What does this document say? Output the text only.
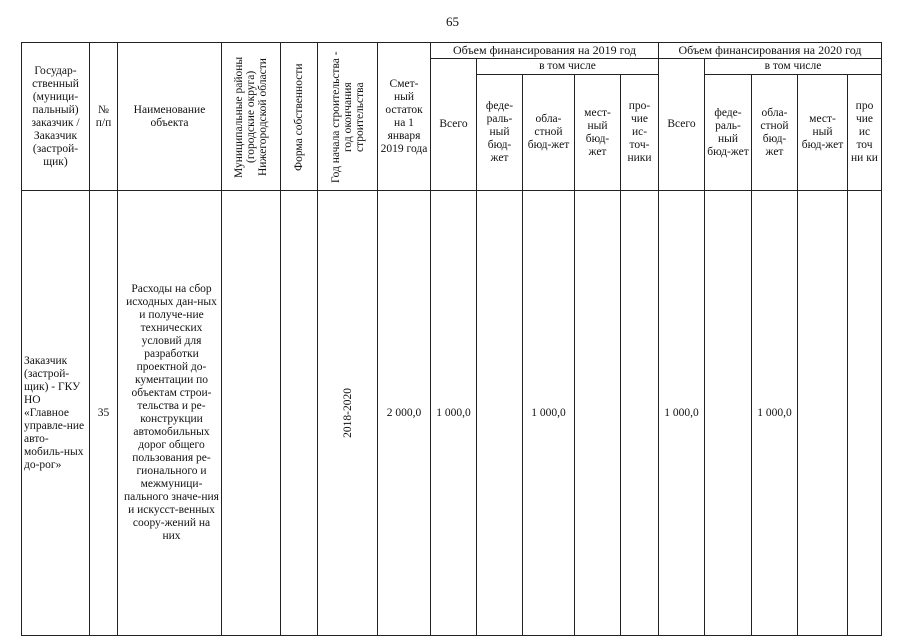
65
Государ-ственный (муници-пальный) заказчик / Заказчик (застрой-щик)	№ п/п	Наименование объекта	Муниципальные районы (городские округа) Нижегородской области	Форма собственности	Год начала строительства - год окончания строительства	Смет-ный остаток на 1 января 2019 года	Объем финансирования на 2019 год					Объем финансирования на 2020 год				
							Всего	в том числе				Всего	в том числе			
								феде-раль-ный бюд-жет	обла-стной бюд-жет	мест-ный бюд-жет	про-чие ис-точ-ники		феде-раль-ный бюд-жет	обла-стной бюд-жет	мест-ный бюд-жет	про чие ис точ ни ки
Заказчик (застрой-щик) - ГКУ НО «Главное управле-ние авто-мобиль-ных до-рог»	35	Расходы на сбор исходных дан-ных и получе-ние технических условий для разработки проектной до-кументации по объектам строи-тельства и ре-конструкции автомобильных дорог общего пользования ре-гионального и межмуници-пального значе-ния и искусст-венных соору-жений на них			2018-2020	2 000,0	1 000,0		1 000,0			1 000,0		1 000,0		
